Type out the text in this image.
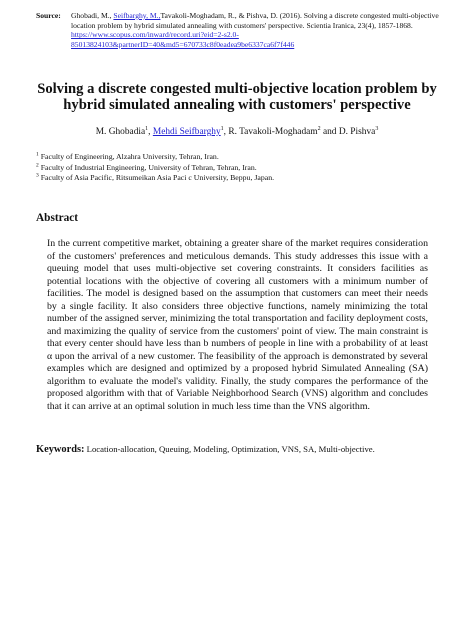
Source: Ghobadi, M., Seifbarghy, M.,Tavakoli-Moghadam, R., & Pishva, D. (2016). Solving a discrete congested multi-objective location problem by hybrid simulated annealing with customers' perspective. Scientia Iranica, 23(4), 1857-1868.
https://www.scopus.com/inward/record.uri?eid=2-s2.0-
85013824103&partnerID=40&md5=670733c8f0eadea9be6337ca6f7f446
Solving a discrete congested multi-objective location problem by hybrid simulated annealing with customers' perspective
M. Ghobadia$^1$, Mehdi Seifbarghy$^1$, R. Tavakoli-Moghadam$^2$ and D. Pishva$^3$
$^1$ Faculty of Engineering, Alzahra University, Tehran, Iran.
$^2$ Faculty of Industrial Engineering, University of Tehran, Tehran, Iran.
$^3$ Faculty of Asia Pacific, Ritsumeikan Asia Paci c University, Beppu, Japan.
Abstract

In the current competitive market, obtaining a greater share of the market requires consideration of the customers' preferences and meticulous demands. This study addresses this issue with a queuing model that uses multi-objective set covering constraints. It considers facilities as potential locations with the objective of covering all customers with a minimum number of facilities. The model is designed based on the assumption that customers can meet their needs by a single facility. It also considers three objective functions, namely minimizing the total number of the assigned server, minimizing the total transportation and facility deployment costs, and maximizing the quality of service from the customers' point of view. The main constraint is that every center should have less than b numbers of people in line with a probability of at least α upon the arrival of a new customer. The feasibility of the approach is demonstrated by several examples which are designed and optimized by a proposed hybrid Simulated Annealing (SA) algorithm to evaluate the model's validity. Finally, the study compares the performance of the proposed algorithm with that of Variable Neighborhood Search (VNS) algorithm and concludes that it can arrive at an optimal solution in much less time than the VNS algorithm.

Keywords: Location-allocation, Queuing, Modeling, Optimization, VNS, SA, Multi-objective.
